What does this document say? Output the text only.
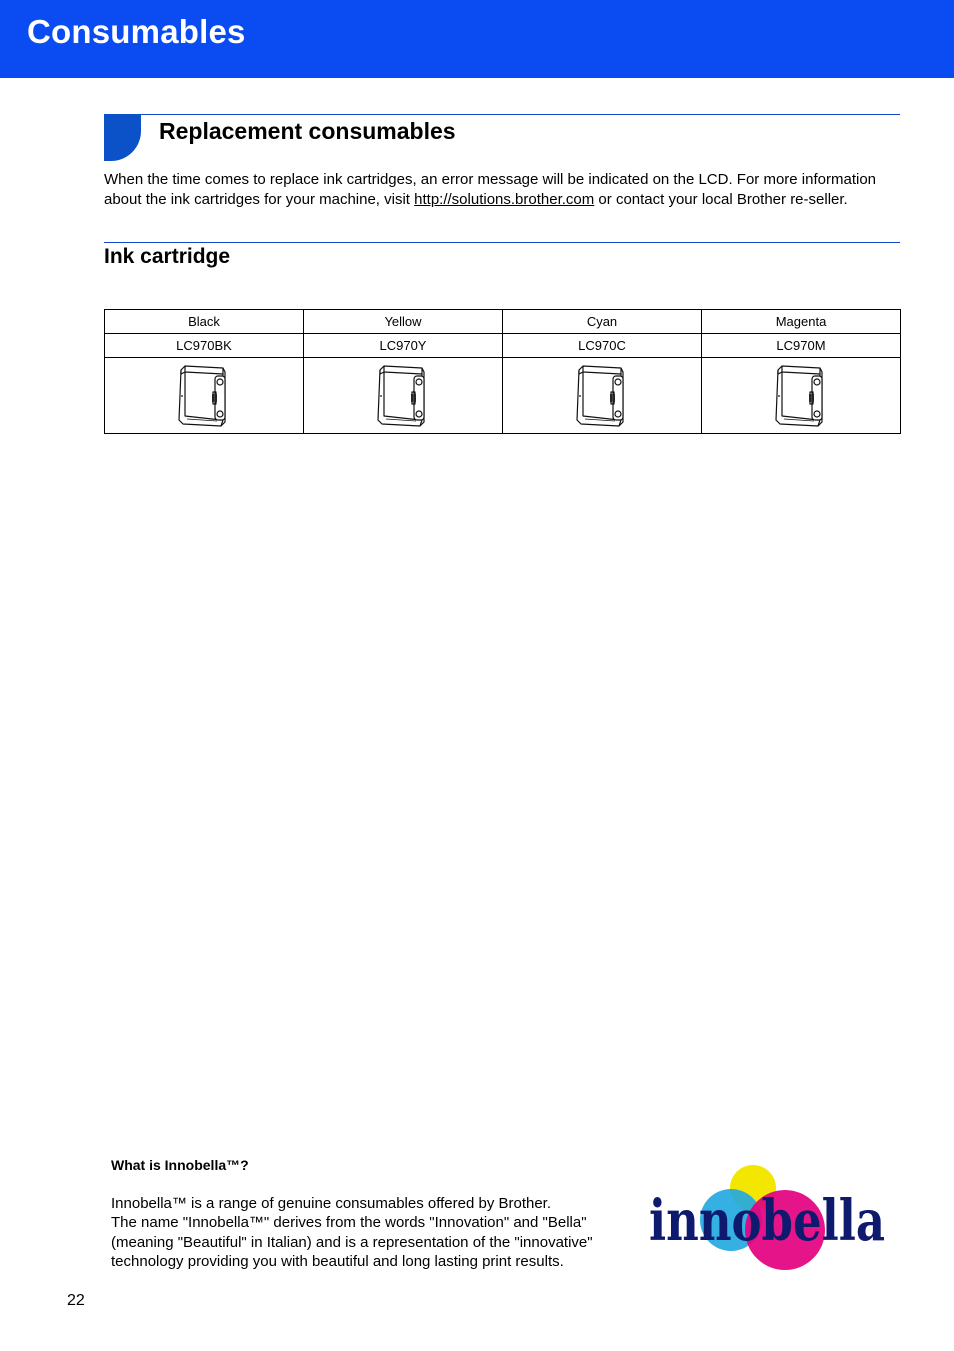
Consumables
Replacement consumables

When the time comes to replace ink cartridges, an error message will be indicated on the LCD. For more information about the ink cartridges for your machine, visit http://solutions.brother.com or contact your local Brother re-seller.

Ink cartridge
Black	Yellow	Cyan	Magenta
LC970BK	LC970Y	LC970C	LC970M

What is Innobella™?
Innobella™ is a range of genuine consumables offered by Brother.
The name "Innobella™" derives from the words "Innovation" and "Bella" (meaning "Beautiful" in Italian) and is a representation of the "innovative" technology providing you with beautiful and long lasting print results.
innobella
22
